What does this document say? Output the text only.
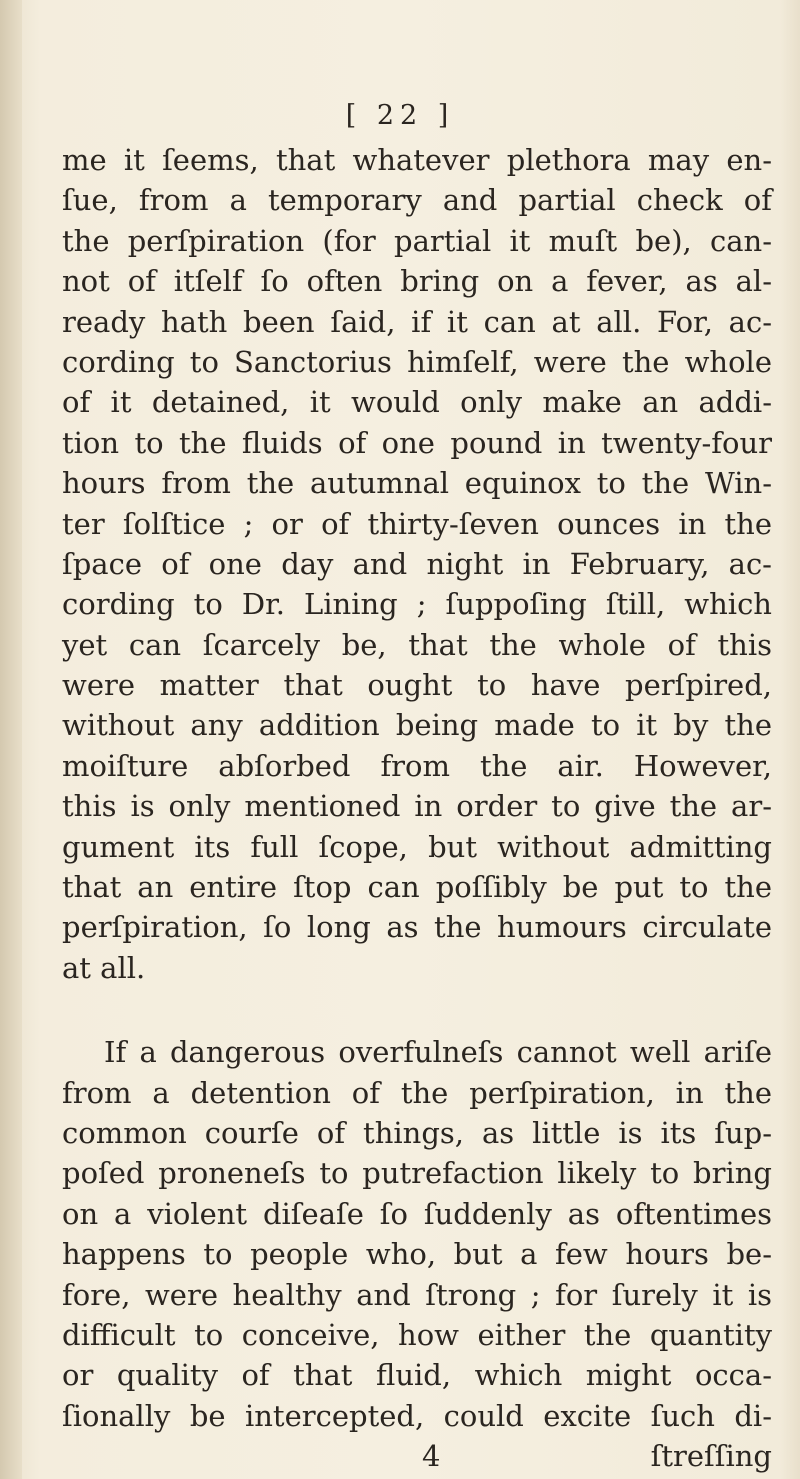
[ 22 ]
me it ſeems, that whatever plethora may en-
ſue, from a temporary and partial check of
the perſpiration (for partial it muſt be), can-
not of itſelf ſo often bring on a fever, as al-
ready hath been ſaid, if it can at all. For, ac-
cording to Sanctorius himſelf, were the whole
of it detained, it would only make an addi-
tion to the fluids of one pound in twenty-four
hours from the autumnal equinox to the Win-
ter ſolſtice ; or of thirty-ſeven ounces in the
ſpace of one day and night in February, ac-
cording to Dr. Lining ; ſuppoſing ſtill, which
yet can ſcarcely be, that the whole of this
were matter that ought to have perſpired,
without any addition being made to it by the
moiſture abſorbed from the air. However,
this is only mentioned in order to give the ar-
gument its full ſcope, but without admitting
that an entire ſtop can poſſibly be put to the
perſpiration, ſo long as the humours circulate
at all.
If a dangerous overfulneſs cannot well ariſe
from a detention of the perſpiration, in the
common courſe of things, as little is its ſup-
poſed proneneſs to putrefaction likely to bring
on a violent diſeaſe ſo ſuddenly as oftentimes
happens to people who, but a few hours be-
fore, were healthy and ſtrong ; for ſurely it is
difficult to conceive, how either the quantity
or quality of that fluid, which might occa-
ſionally be intercepted, could excite ſuch di-
4	ſtreſſing
